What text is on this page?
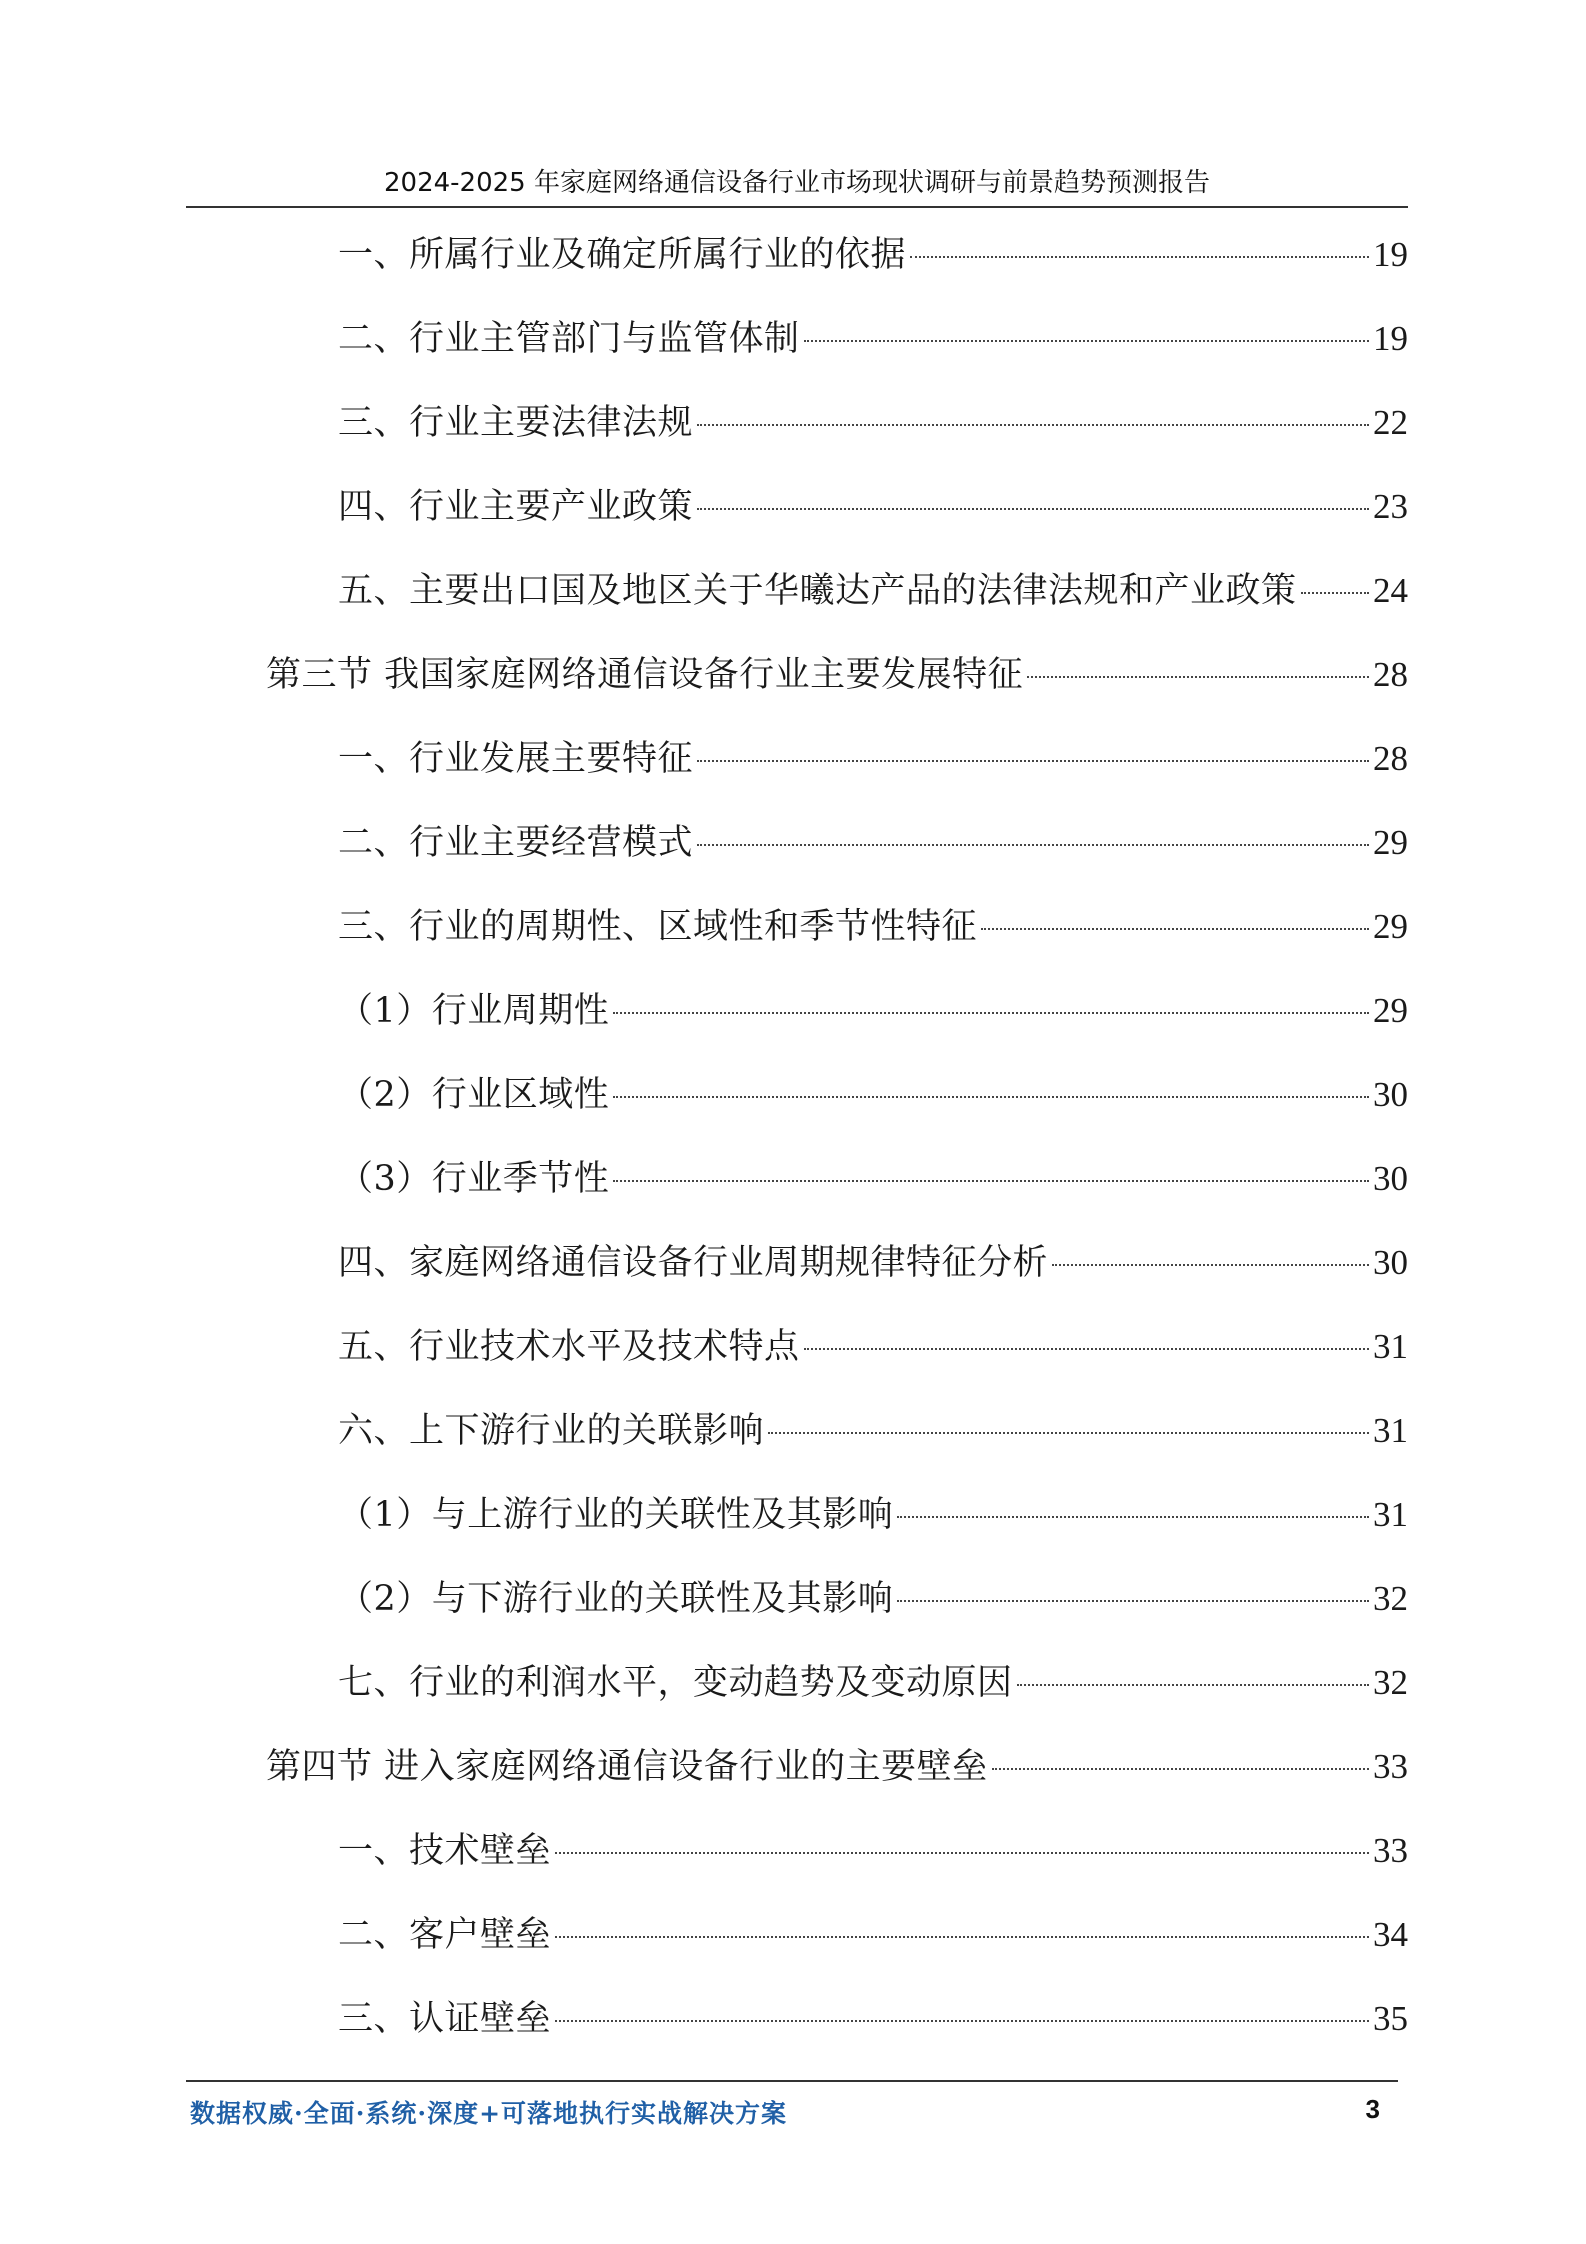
2024-2025 年家庭网络通信设备行业市场现状调研与前景趋势预测报告
一、所属行业及确定所属行业的依据	19
二、行业主管部门与监管体制	19
三、行业主要法律法规	22
四、行业主要产业政策	23
五、主要出口国及地区关于华曦达产品的法律法规和产业政策 24
第三节 我国家庭网络通信设备行业主要发展特征	28
一、行业发展主要特征	28
二、行业主要经营模式	29
三、行业的周期性、区域性和季节性特征	29
（1）行业周期性	29
（2）行业区域性	30
（3）行业季节性	30
四、家庭网络通信设备行业周期规律特征分析	30
五、行业技术水平及技术特点	31
六、上下游行业的关联影响	31
（1）与上游行业的关联性及其影响	31
（2）与下游行业的关联性及其影响	32
七、行业的利润水平，变动趋势及变动原因	32
第四节 进入家庭网络通信设备行业的主要壁垒	33
一、技术壁垒	33
二、客户壁垒	34
三、认证壁垒	35
数据权威·全面·系统·深度+可落地执行实战解决方案	3
